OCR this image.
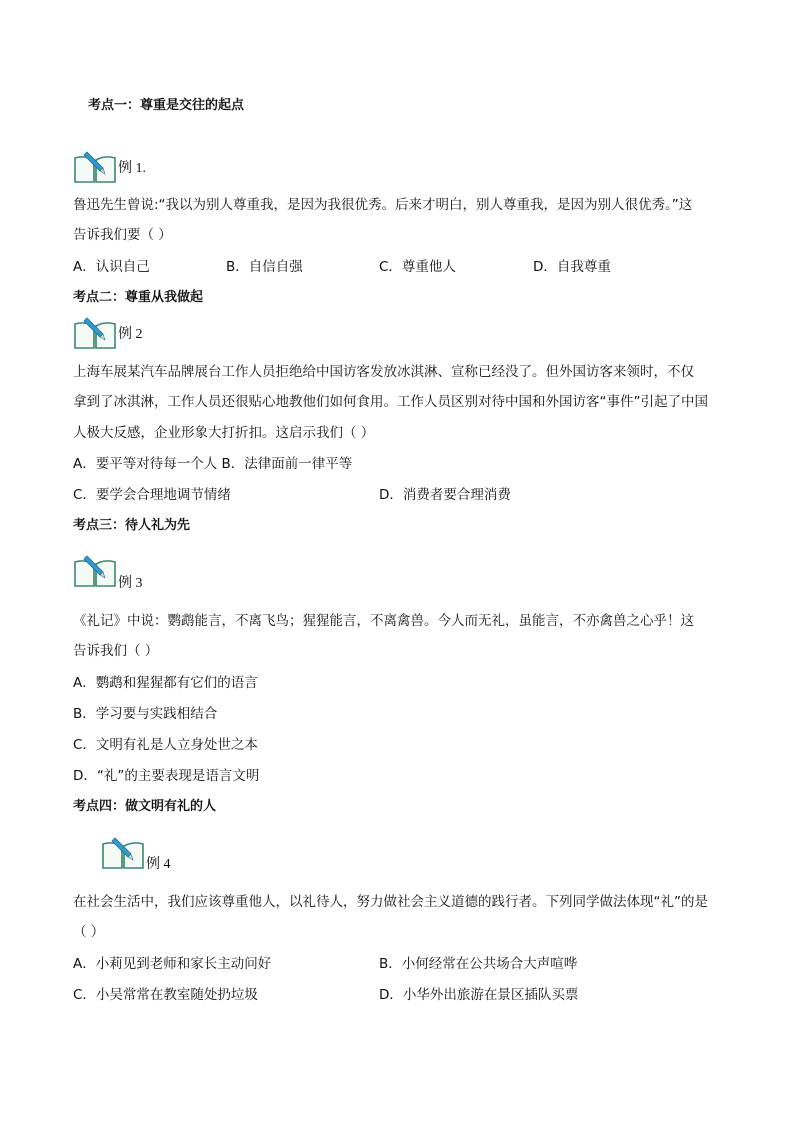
考点一：尊重是交往的起点
例 1.
鲁迅先生曾说:“我以为别人尊重我，是因为我很优秀。后来才明白，别人尊重我，是因为别人很优秀。”这
告诉我们要（ ）
A．认识自己	B．自信自强	C．尊重他人	D．自我尊重
考点二：尊重从我做起
例 2
上海车展某汽车品牌展台工作人员拒绝给中国访客发放冰淇淋、宣称已经没了。但外国访客来领时，不仅
拿到了冰淇淋，工作人员还很贴心地教他们如何食用。工作人员区别对待中国和外国访客“事件”引起了中国
人极大反感，企业形象大打折扣。这启示我们（ ）
A．要平等对待每一个人 B．法律面前一律平等
C．要学会合理地调节情绪	D．消费者要合理消费
考点三：待人礼为先
例 3
《礼记》中说：鹦鹉能言，不离飞鸟；猩猩能言，不离禽兽。今人而无礼，虽能言，不亦禽兽之心乎！这
告诉我们（ ）
A．鹦鹉和猩猩都有它们的语言
B．学习要与实践相结合
C．文明有礼是人立身处世之本
D．“礼”的主要表现是语言文明
考点四：做文明有礼的人
例 4
在社会生活中，我们应该尊重他人，以礼待人，努力做社会主义道德的践行者。下列同学做法体现“礼”的是
（ ）
A．小莉见到老师和家长主动问好	B．小何经常在公共场合大声喧哗
C．小吴常常在教室随处扔垃圾	D．小华外出旅游在景区插队买票
